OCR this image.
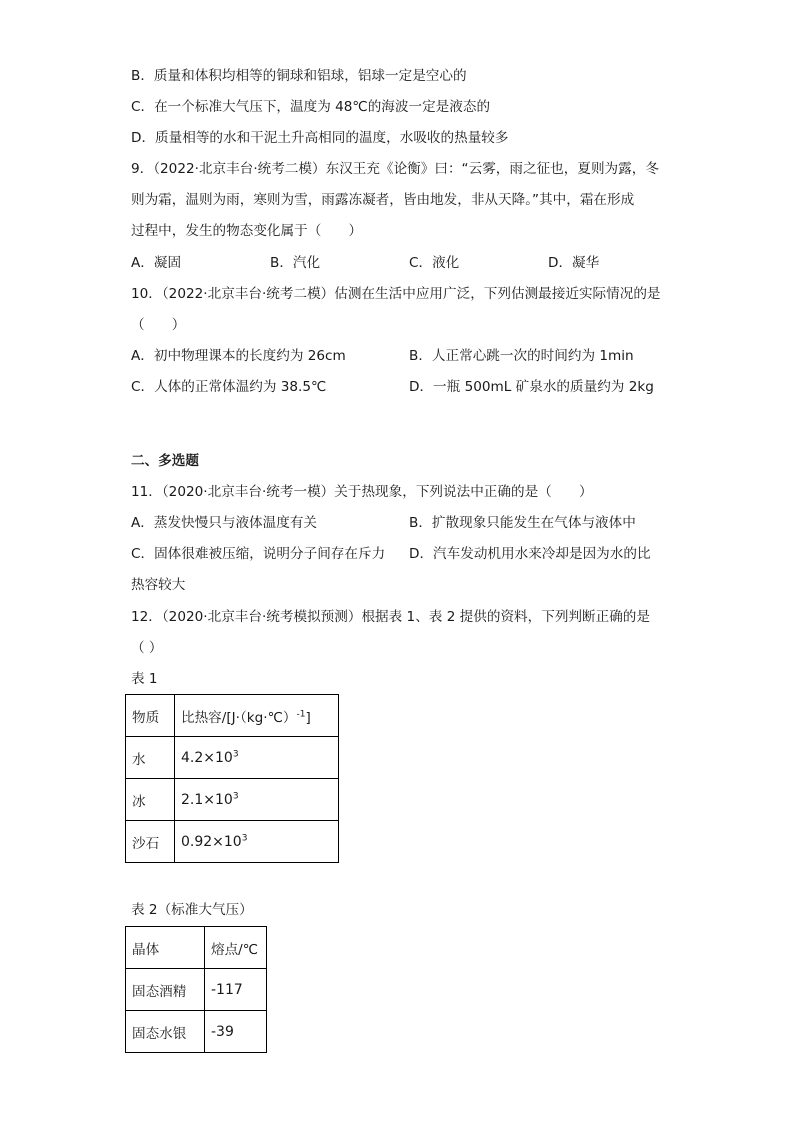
B．质量和体积均相等的铜球和铝球，铝球一定是空心的
C．在一个标准大气压下，温度为 48℃的海波一定是液态的
D．质量相等的水和干泥土升高相同的温度，水吸收的热量较多
9．（2022·北京丰台·统考二模）东汉王充《论衡》曰：“云雾，雨之征也，夏则为露，冬
则为霜，温则为雨，寒则为雪，雨露冻凝者，皆由地发，非从天降。”其中，霜在形成
过程中，发生的物态变化属于（　　）
A．凝固	B．汽化	C．液化	D．凝华
10．（2022·北京丰台·统考二模）估测在生活中应用广泛，下列估测最接近实际情况的是
（　　）
A．初中物理课本的长度约为 26cm	B．人正常心跳一次的时间约为 1min
C．人体的正常体温约为 38.5℃	D．一瓶 500mL 矿泉水的质量约为 2kg
二、多选题
11．（2020·北京丰台·统考一模）关于热现象，下列说法中正确的是（　　）
A．蒸发快慢只与液体温度有关	B．扩散现象只能发生在气体与液体中
C．固体很难被压缩，说明分子间存在斥力 D．汽车发动机用水来冷却是因为水的比
热容较大
12．（2020·北京丰台·统考模拟预测）根据表 1、表 2 提供的资料，下列判断正确的是
（ ）
表 1
物质	比热容/[J·（kg·℃）$^{-1}$]
水	$4.2\times 10^3$
冰	$2.1\times 10^3$
沙石	$0.92\times 10^3$
表 2（标准大气压）
晶体	熔点/℃
固态酒精	-117
固态水银	-39
